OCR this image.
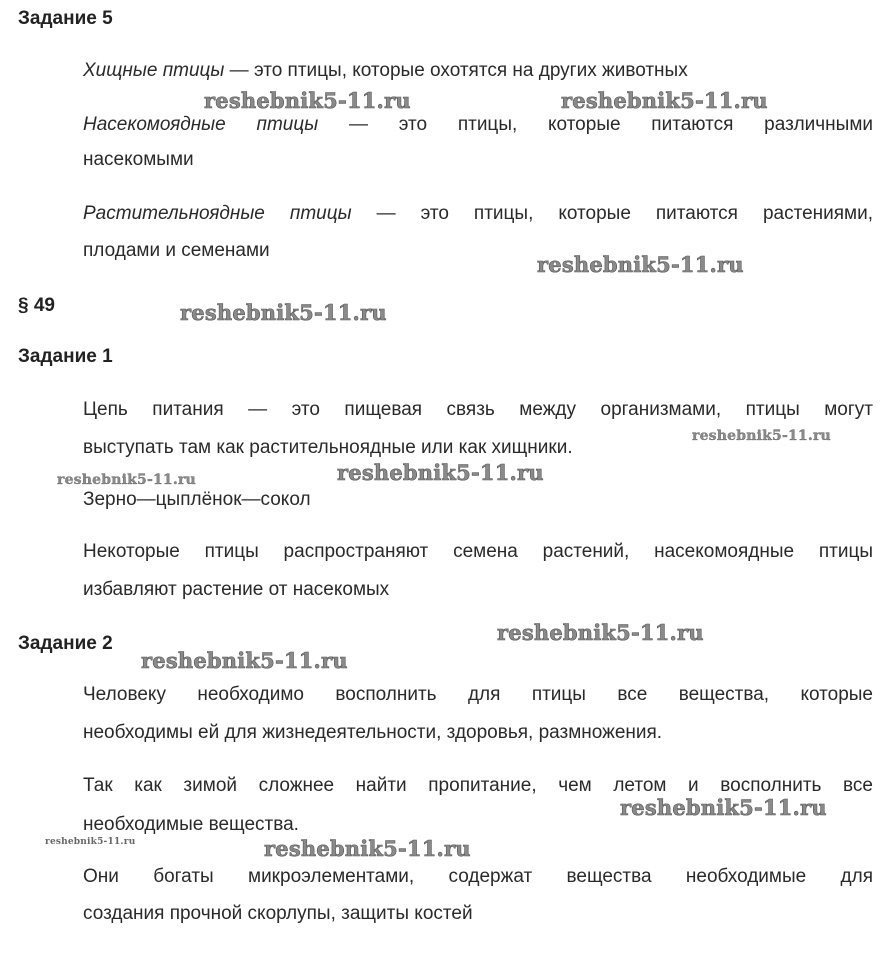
Задание 5
Хищные птицы — это птицы, которые охотятся на других животных
Насекомоядные птицы — это птицы, которые питаются различными
насекомыми
Растительноядные птицы — это птицы, которые питаются растениями,
плодами и семенами
§ 49
Задание 1
Цепь питания — это пищевая связь между организмами, птицы могут
выступать там как растительноядные или как хищники.
Зерно—цыплёнок—сокол
Некоторые птицы распространяют семена растений, насекомоядные птицы
избавляют растение от насекомых
Задание 2
Человеку необходимо восполнить для птицы все вещества, которые
необходимы ей для жизнедеятельности, здоровья, размножения.
Так как зимой сложнее найти пропитание, чем летом и восполнить все
необходимые вещества.
Они богаты микроэлементами, содержат вещества необходимые для
создания прочной скорлупы, защиты костей
reshebnik5-11.ru	reshebnik5-11.ru
reshebnik5-11.ru
reshebnik5-11.ru
reshebnik5-11.ru
reshebnik5-11.ru	reshebnik5-11.ru
reshebnik5-11.ru
reshebnik5-11.ru
reshebnik5-11.ru
reshebnik5-11.ru	reshebnik5-11.ru
